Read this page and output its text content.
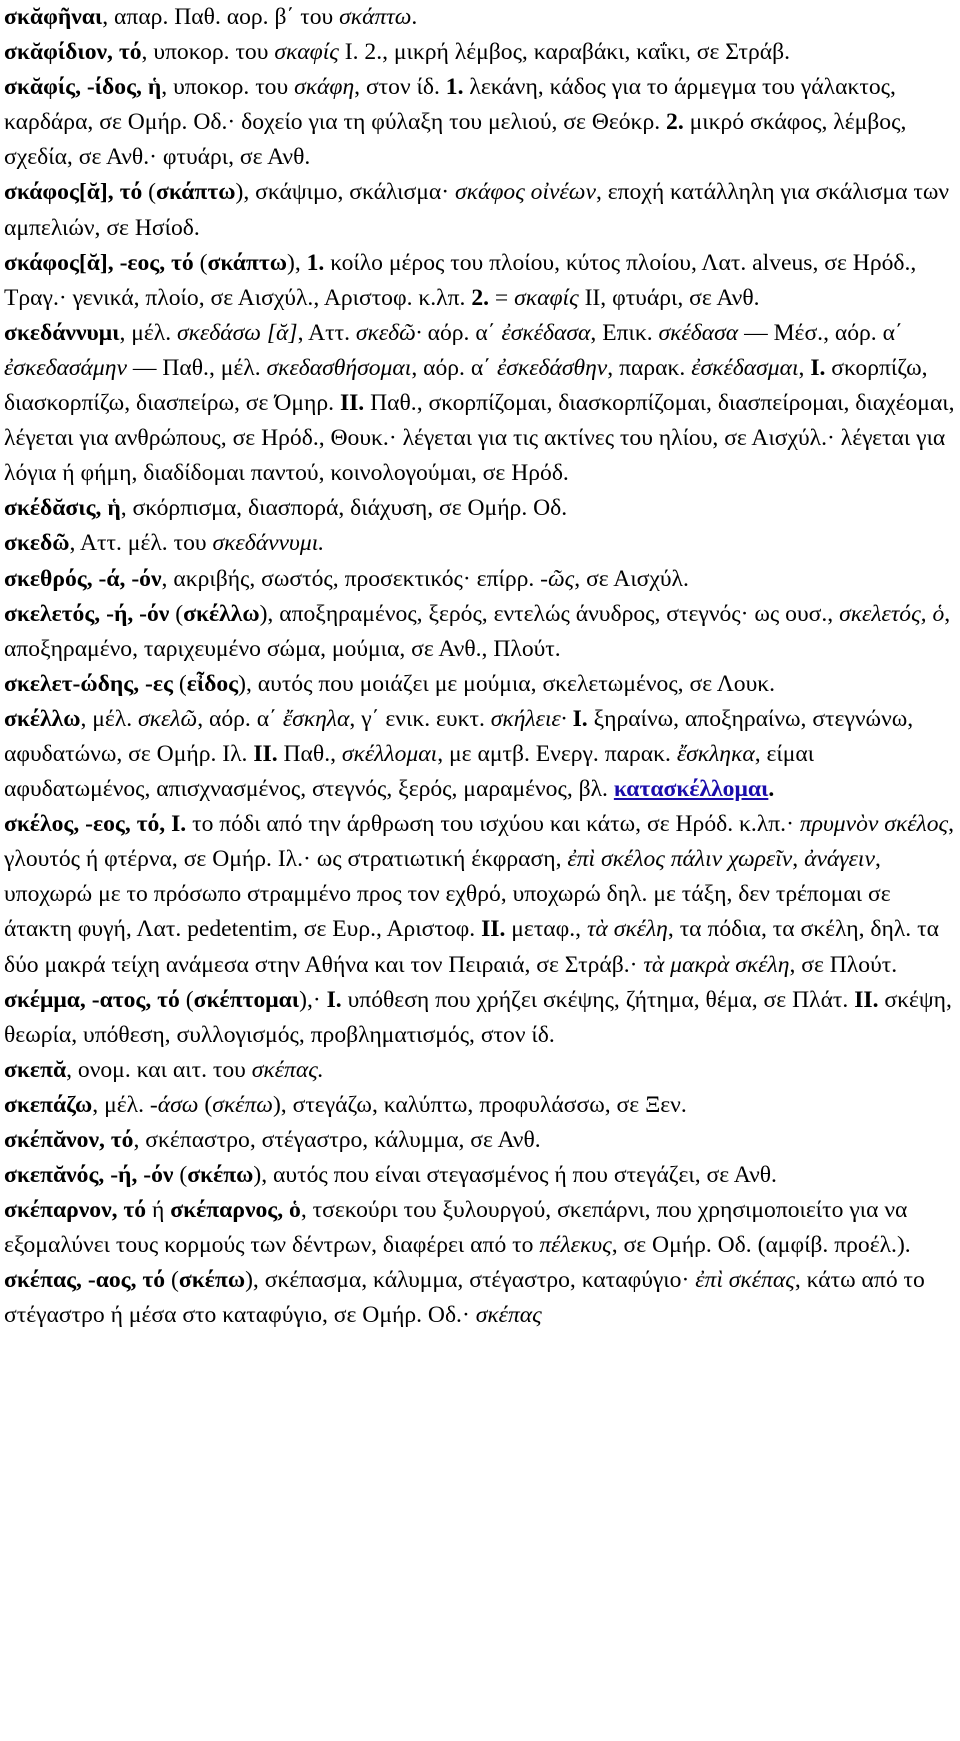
σκᾰφῆναι, απαρ. Παθ. αορ. β΄ του σκάπτω.

σκᾰφίδιον, τό, υποκορ. του σκαφίς I. 2., μικρή λέμβος, καραβάκι, καΐκι, σε Στράβ.

σκᾰφίς, -ίδος, ἡ, υποκορ. του σκάφη, στον ίδ. 1. λεκάνη, κάδος για το άρμεγμα του γάλακτος, καρδάρα, σε Ομήρ. Οδ.· δοχείο για τη φύλαξη του μελιού, σε Θεόκρ. 2. μικρό σκάφος, λέμβος, σχεδία, σε Ανθ.· φτυάρι, σε Ανθ.

σκάφος[ᾰ], τό (σκάπτω), σκάψιμο, σκάλισμα· σκάφος οἰνέων, εποχή κατάλληλη για σκάλισμα των αμπελιών, σε Ησίοδ.

σκάφος[ᾰ], -εος, τό (σκάπτω), 1. κοίλο μέρος του πλοίου, κύτος πλοίου, Λατ. alveus, σε Ηρόδ., Τραγ.· γενικά, πλοίο, σε Αισχύλ., Αριστοφ. κ.λπ. 2. = σκαφίς II, φτυάρι, σε Ανθ.

σκεδάννυμι, μέλ. σκεδάσω [ᾰ], Αττ. σκεδῶ· αόρ. α΄ ἐσκέδασα, Επικ. σκέδασα — Μέσ., αόρ. α΄ ἐσκεδασάμην — Παθ., μέλ. σκεδασθήσομαι, αόρ. α΄ ἐσκεδάσθην, παρακ. ἐσκέδασμαι, I. σκορπίζω, διασκορπίζω, διασπείρω, σε Όμηρ. II. Παθ., σκορπίζομαι, διασκορπίζομαι, διασπείρομαι, διαχέομαι, λέγεται για ανθρώπους, σε Ηρόδ., Θουκ.· λέγεται για τις ακτίνες του ηλίου, σε Αισχύλ.· λέγεται για λόγια ή φήμη, διαδίδομαι παντού, κοινολογούμαι, σε Ηρόδ.

σκέδᾰσις, ἡ, σκόρπισμα, διασπορά, διάχυση, σε Ομήρ. Οδ.

σκεδῶ, Αττ. μέλ. του σκεδάννυμι.

σκεθρός, -ά, -όν, ακριβής, σωστός, προσεκτικός· επίρρ. -ῶς, σε Αισχύλ.

σκελετός, -ή, -όν (σκέλλω), αποξηραμένος, ξερός, εντελώς άνυδρος, στεγνός· ως ουσ., σκελετός, ὁ, αποξηραμένο, ταριχευμένο σώμα, μούμια, σε Ανθ., Πλούτ.

σκελετ-ώδης, -ες (εἶδος), αυτός που μοιάζει με μούμια, σκελετωμένος, σε Λουκ.

σκέλλω, μέλ. σκελῶ, αόρ. α΄ ἔσκηλα, γ΄ ενικ. ευκτ. σκήλειε· I. ξηραίνω, αποξηραίνω, στεγνώνω, αφυδατώνω, σε Ομήρ. Ιλ. II. Παθ., σκέλλομαι, με αμτβ. Ενεργ. παρακ. ἔσκληκα, είμαι αφυδατωμένος, απισχνασμένος, στεγνός, ξερός, μαραμένος, βλ. κατασκέλλομαι.

σκέλος, -εος, τό, I. το πόδι από την άρθρωση του ισχύου και κάτω, σε Ηρόδ. κ.λπ.· πρυμνὸν σκέλος, γλουτός ή φτέρνα, σε Ομήρ. Ιλ.· ως στρατιωτική έκφραση, ἐπὶ σκέλος πάλιν χωρεῖν, ἀνάγειν, υποχωρώ με το πρόσωπο στραμμένο προς τον εχθρό, υποχωρώ δηλ. με τάξη, δεν τρέπομαι σε άτακτη φυγή, Λατ. pedetentim, σε Ευρ., Αριστοφ. II. μεταφ., τὰ σκέλη, τα πόδια, τα σκέλη, δηλ. τα δύο μακρά τείχη ανάμεσα στην Αθήνα και τον Πειραιά, σε Στράβ.· τὰ μακρὰ σκέλη, σε Πλούτ.

σκέμμα, -ατος, τό (σκέπτομαι),· I. υπόθεση που χρήζει σκέψης, ζήτημα, θέμα, σε Πλάτ. II. σκέψη, θεωρία, υπόθεση, συλλογισμός, προβληματισμός, στον ίδ.

σκεπᾰ, ονομ. και αιτ. του σκέπας.

σκεπάζω, μέλ. -άσω (σκέπω), στεγάζω, καλύπτω, προφυλάσσω, σε Ξεν.

σκέπᾰνον, τό, σκέπαστρο, στέγαστρο, κάλυμμα, σε Ανθ.

σκεπᾰνός, -ή, -όν (σκέπω), αυτός που είναι στεγασμένος ή που στεγάζει, σε Ανθ.

σκέπαρνον, τό ή σκέπαρνος, ὁ, τσεκούρι του ξυλουργού, σκεπάρνι, που χρησιμοποιείτο για να εξομαλύνει τους κορμούς των δέντρων, διαφέρει από το πέλεκυς, σε Ομήρ. Οδ. (αμφίβ. προέλ.).

σκέπας, -αος, τό (σκέπω), σκέπασμα, κάλυμμα, στέγαστρο, καταφύγιο· ἐπὶ σκέπας, κάτω από το στέγαστρο ή μέσα στο καταφύγιο, σε Ομήρ. Οδ.· σκέπας
